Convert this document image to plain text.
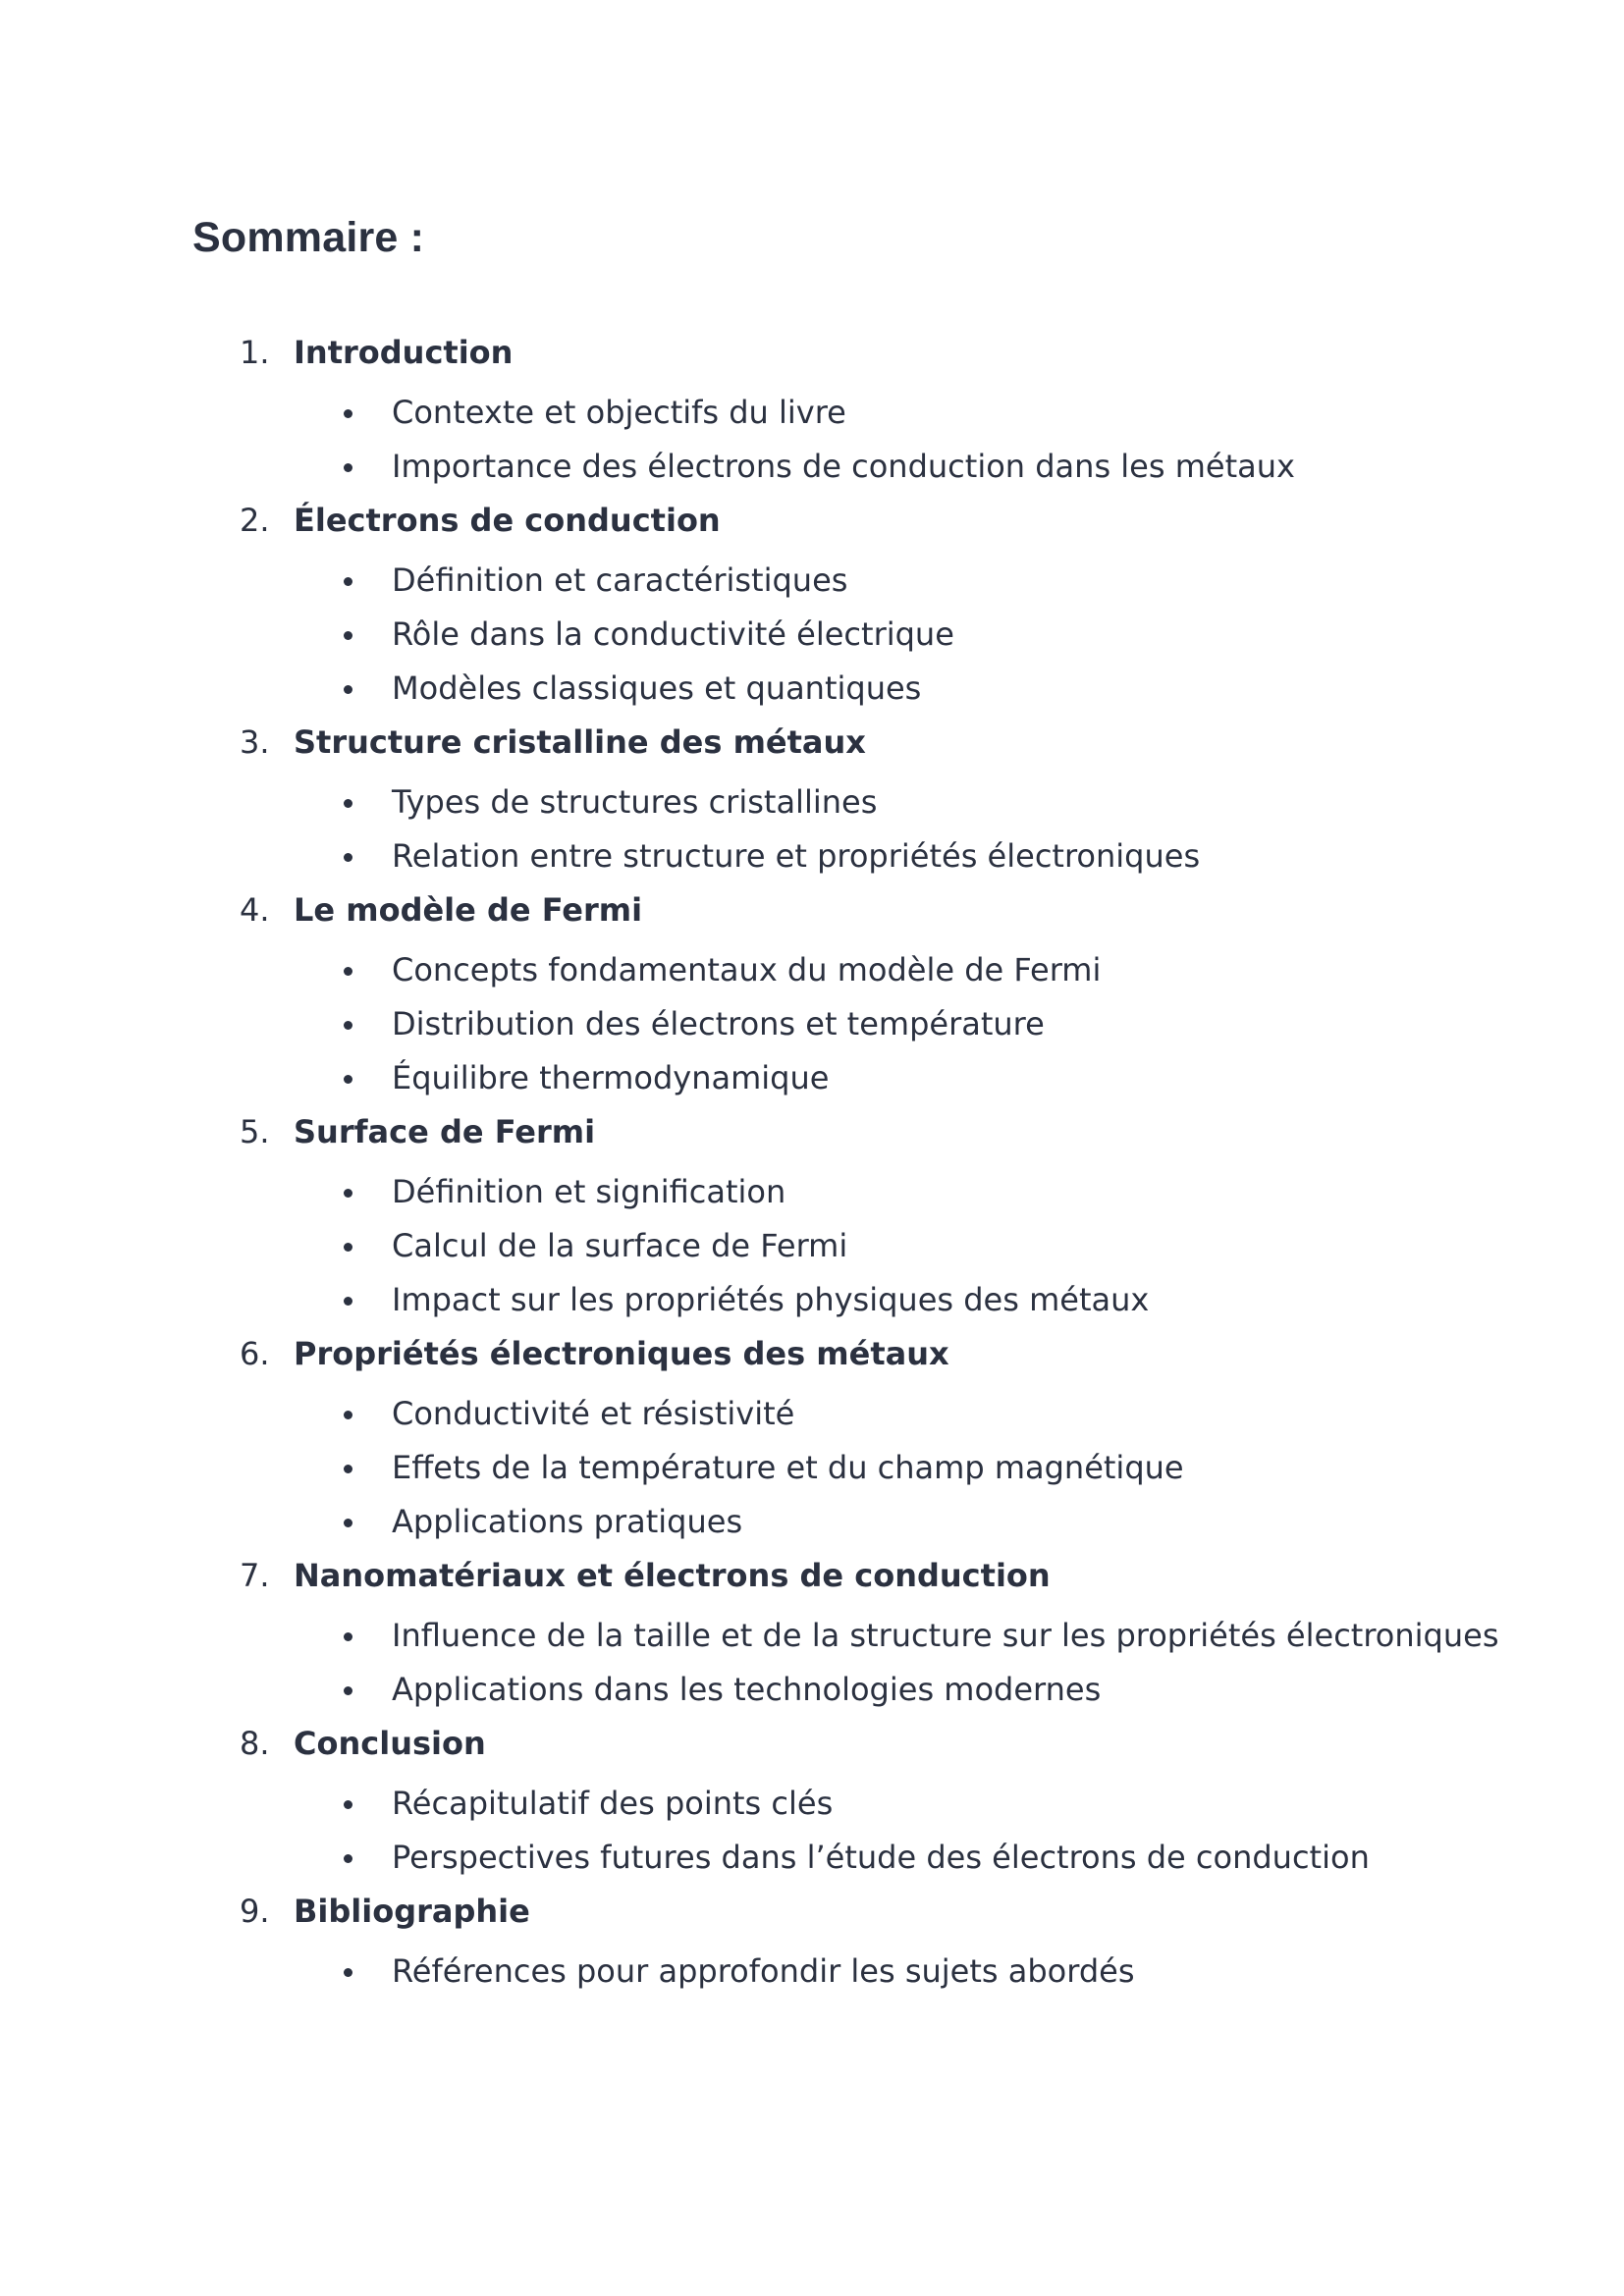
Sommaire :
1. Introduction
Contexte et objectifs du livre
Importance des électrons de conduction dans les métaux
2. Électrons de conduction
Définition et caractéristiques
Rôle dans la conductivité électrique
Modèles classiques et quantiques
3. Structure cristalline des métaux
Types de structures cristallines
Relation entre structure et propriétés électroniques
4. Le modèle de Fermi
Concepts fondamentaux du modèle de Fermi
Distribution des électrons et température
Équilibre thermodynamique
5. Surface de Fermi
Définition et signification
Calcul de la surface de Fermi
Impact sur les propriétés physiques des métaux
6. Propriétés électroniques des métaux
Conductivité et résistivité
Effets de la température et du champ magnétique
Applications pratiques
7. Nanomatériaux et électrons de conduction
Influence de la taille et de la structure sur les propriétés électroniques
Applications dans les technologies modernes
8. Conclusion
Récapitulatif des points clés
Perspectives futures dans l’étude des électrons de conduction
9. Bibliographie
Références pour approfondir les sujets abordés
